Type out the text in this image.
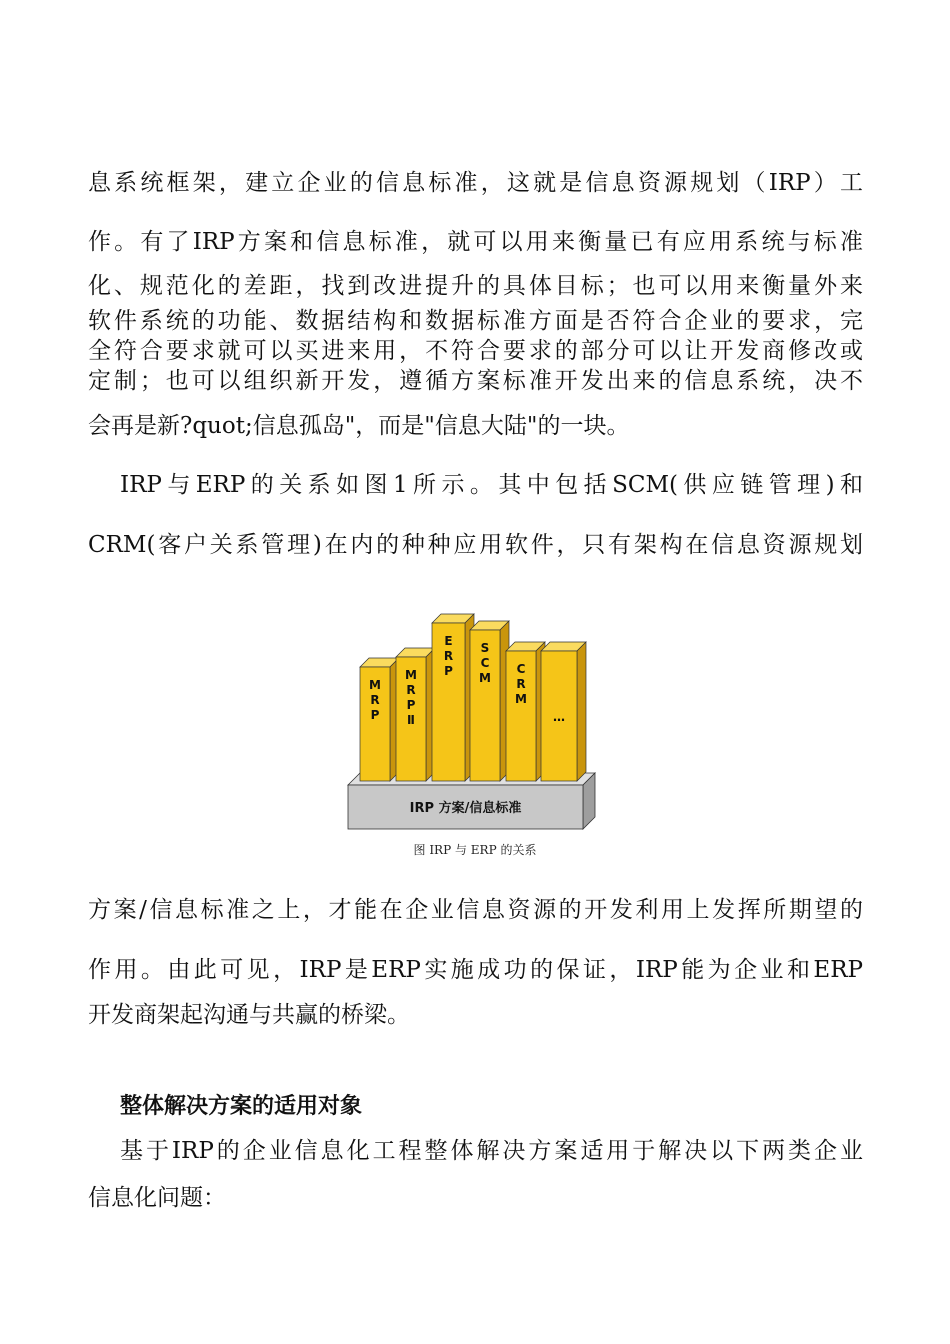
息系统框架，建立企业的信息标准，这就是信息资源规划（IRP）工
作。有了IRP方案和信息标准，就可以用来衡量已有应用系统与标准
化、规范化的差距，找到改进提升的具体目标；也可以用来衡量外来
软件系统的功能、数据结构和数据标准方面是否符合企业的要求，完
全符合要求就可以买进来用，不符合要求的部分可以让开发商修改或
定制；也可以组织新开发，遵循方案标准开发出来的信息系统，决不
会再是新?quot;信息孤岛"，而是"信息大陆"的一块。
IRP与ERP的关系如图1所示。其中包括SCM(供应链管理)和
CRM(客户关系管理)在内的种种应用软件，只有架构在信息资源规划
IRP 方案/信息标准
M R P
M R P Ⅱ
E R P
S C M
C R M
…
图 IRP 与 ERP 的关系
方案/信息标准之上，才能在企业信息资源的开发利用上发挥所期望的
作用。由此可见，IRP是ERP实施成功的保证，IRP能为企业和ERP
开发商架起沟通与共赢的桥梁。
整体解决方案的适用对象
基于IRP的企业信息化工程整体解决方案适用于解决以下两类企业
信息化问题：
